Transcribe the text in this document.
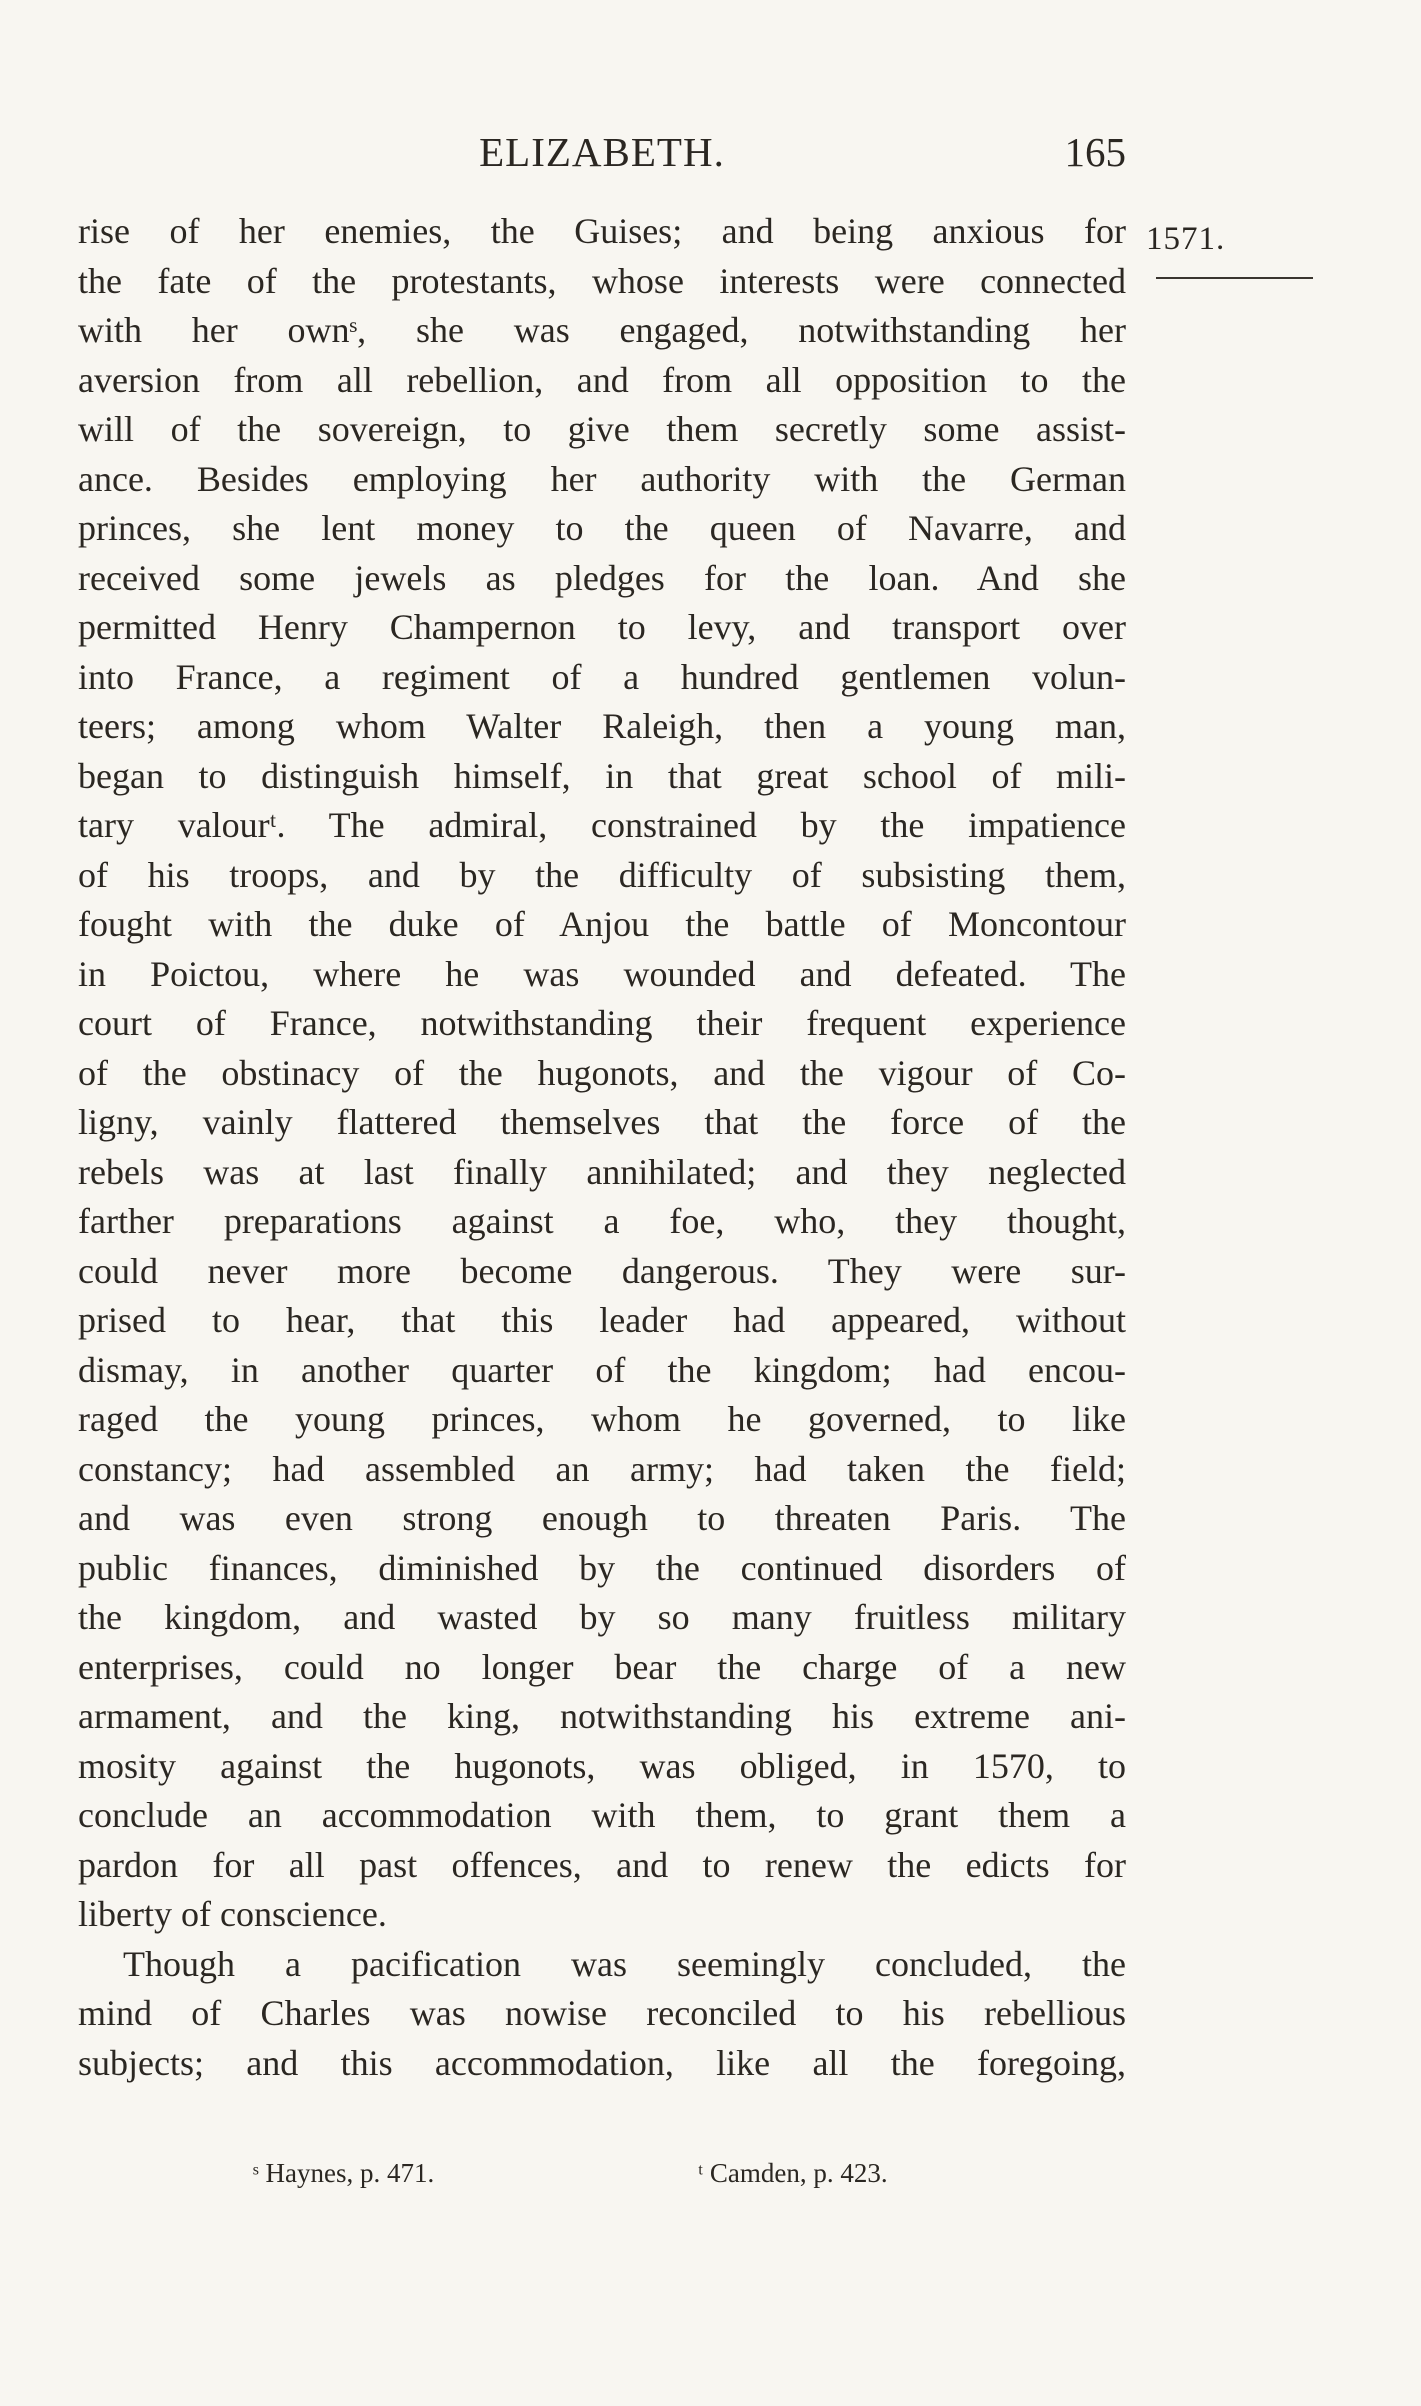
ELIZABETH.	165
1571.
rise of her enemies, the Guises; and being anxious for
the fate of the protestants, whose interests were connected
with her ownˢ, she was engaged, notwithstanding her
aversion from all rebellion, and from all opposition to the
will of the sovereign, to give them secretly some assist-
ance. Besides employing her authority with the German
princes, she lent money to the queen of Navarre, and
received some jewels as pledges for the loan. And she
permitted Henry Champernon to levy, and transport over
into France, a regiment of a hundred gentlemen volun-
teers; among whom Walter Raleigh, then a young man,
began to distinguish himself, in that great school of mili-
tary valourᵗ. The admiral, constrained by the impatience
of his troops, and by the difficulty of subsisting them,
fought with the duke of Anjou the battle of Moncontour
in Poictou, where he was wounded and defeated. The
court of France, notwithstanding their frequent experience
of the obstinacy of the hugonots, and the vigour of Co-
ligny, vainly flattered themselves that the force of the
rebels was at last finally annihilated; and they neglected
farther preparations against a foe, who, they thought,
could never more become dangerous. They were sur-
prised to hear, that this leader had appeared, without
dismay, in another quarter of the kingdom; had encou-
raged the young princes, whom he governed, to like
constancy; had assembled an army; had taken the field;
and was even strong enough to threaten Paris. The
public finances, diminished by the continued disorders of
the kingdom, and wasted by so many fruitless military
enterprises, could no longer bear the charge of a new
armament, and the king, notwithstanding his extreme ani-
mosity against the hugonots, was obliged, in 1570, to
conclude an accommodation with them, to grant them a
pardon for all past offences, and to renew the edicts for
liberty of conscience.
Though a pacification was seemingly concluded, the
mind of Charles was nowise reconciled to his rebellious
subjects; and this accommodation, like all the foregoing,
ˢ Haynes, p. 471.	ᵗ Camden, p. 423.
